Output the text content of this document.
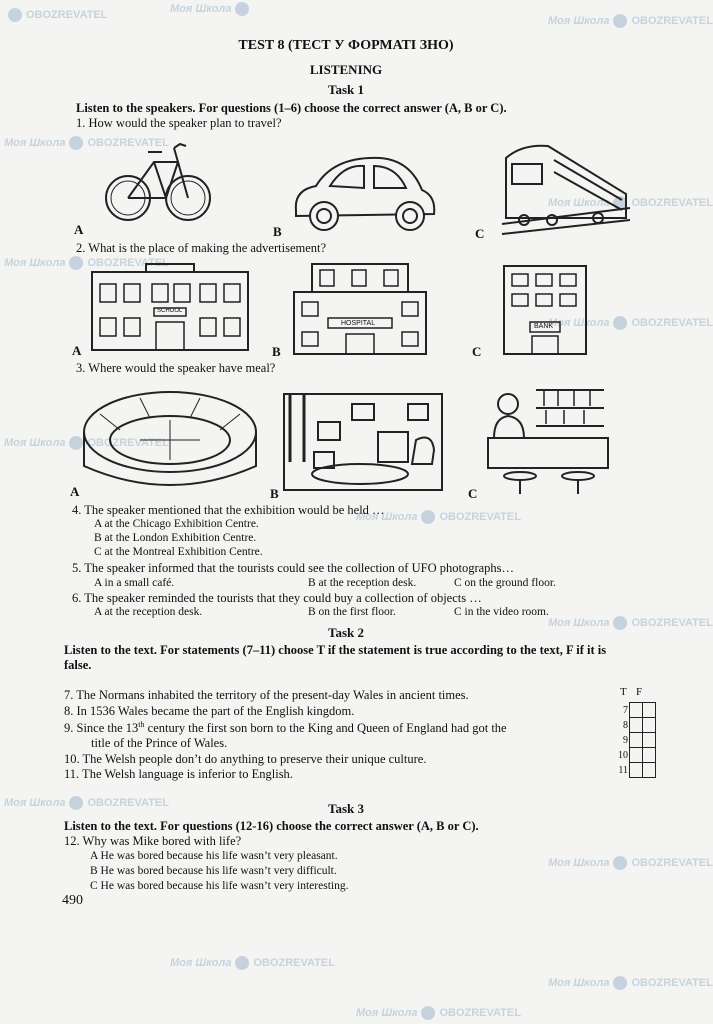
OBOZREVATEL	Моя Школа
Моя Школа OBOZREVATEL
Моя Школа OBOZREVATEL
Моя Школа OBOZREVATEL
Моя Школа OBOZREVATEL
Моя Школа OBOZREVATEL
Моя Школа OBOZREVATEL
Моя Школа OBOZREVATEL
Моя Школа OBOZREVATEL
Моя Школа OBOZREVATEL
Моя Школа OBOZREVATEL
Моя Школа OBOZREVATEL
Моя Школа OBOZREVATEL
Моя Школа OBOZREVATEL
TEST 8 (ТЕСТ У ФОРМАТІ ЗНО)
LISTENING
Task 1
Listen to the speakers. For questions (1–6) choose the correct answer (A, B or C).
1. How would the speaker plan to travel?
A	B	C
2. What is the place of making the advertisement?
SCHOOL
HOSPITAL	BANK
A	B	C
3. Where would the speaker have meal?
A	B	C
4. The speaker mentioned that the exhibition would be held …
A at the Chicago Exhibition Centre.
B at the London Exhibition Centre.
C at the Montreal Exhibition Centre.
5. The speaker informed that the tourists could see the collection of UFO photographs…
A in a small café.	B at the reception desk.	C on the ground floor.
6. The speaker reminded the tourists that they could buy a collection of objects …
A at the reception desk.	B on the first floor.	C in the video room.
Task 2
Listen to the text. For statements (7–11) choose T if the statement is true according to the text, F if it is
false.
7. The Normans inhabited the territory of the present-day Wales in ancient times.
8. In 1536 Wales became the part of the English kingdom.
9. Since the 13th century the first son born to the King and Queen of England had got the
title of the Prince of Wales.
10. The Welsh people don’t do anything to preserve their unique culture.
11. The Welsh language is inferior to English.
T F
7		
8		
9		
10		
11		
Task 3
Listen to the text. For questions (12-16) choose the correct answer (A, B or C).
12. Why was Mike bored with life?
A He was bored because his life wasn’t very pleasant.
B He was bored because his life wasn’t very difficult.
C He was bored because his life wasn’t very interesting.
490
